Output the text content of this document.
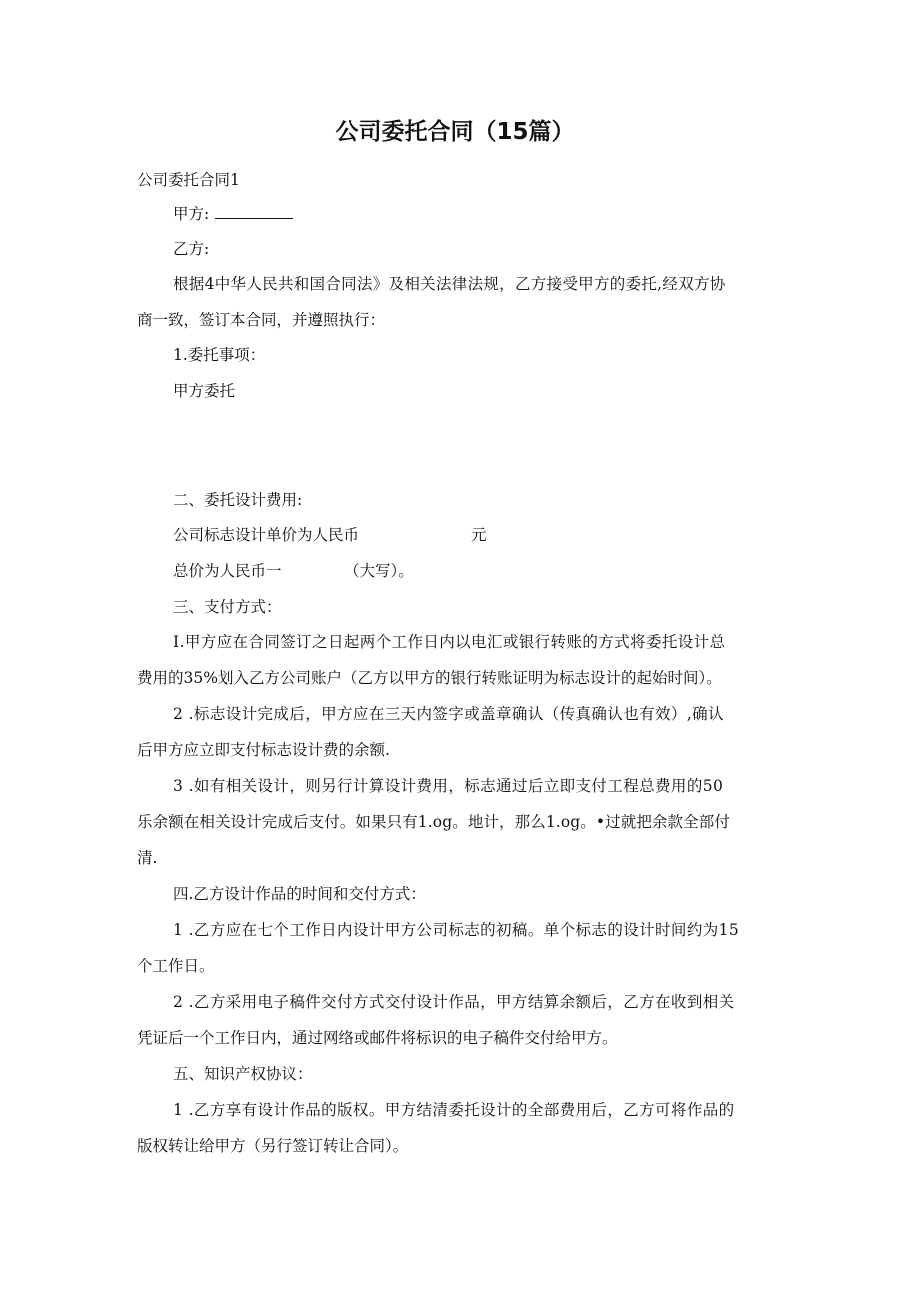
公司委托合同（15篇）
公司委托合同1
甲方:
乙方:
根据4中华人民共和国合同法》及相关法律法规，乙方接受甲方的委托,经双方协
商一致，签订本合同，并遵照执行：
1.委托事项：
甲方委托
二、委托设计费用:
公司标志设计单价为人民币	元
总价为人民币一	（大写）。
三、支付方式：
I.甲方应在合同签订之日起两个工作日内以电汇或银行转账的方式将委托设计总
费用的35%划入乙方公司账户（乙方以甲方的银行转账证明为标志设计的起始时间）。
2 .标志设计完成后，甲方应在三天内签字或盖章确认（传真确认也有效）,确认
后甲方应立即支付标志设计费的余额.
3 .如有相关设计，则另行计算设计费用，标志通过后立即支付工程总费用的50
乐余额在相关设计完成后支付。如果只有1.og。地计，那么1.og。•过就把余款全部付
清.
四.乙方设计作品的时间和交付方式：
1 .乙方应在七个工作日内设计甲方公司标志的初稿。单个标志的设计时间约为15
个工作日。
2 .乙方采用电子稿件交付方式交付设计作品，甲方结算余额后，乙方在收到相关
凭证后一个工作日内，通过网络或邮件将标识的电子稿件交付给甲方。
五、知识产权协议：
1 .乙方享有设计作品的版权。甲方结清委托设计的全部费用后，乙方可将作品的
版权转让给甲方（另行签订转让合同）。
